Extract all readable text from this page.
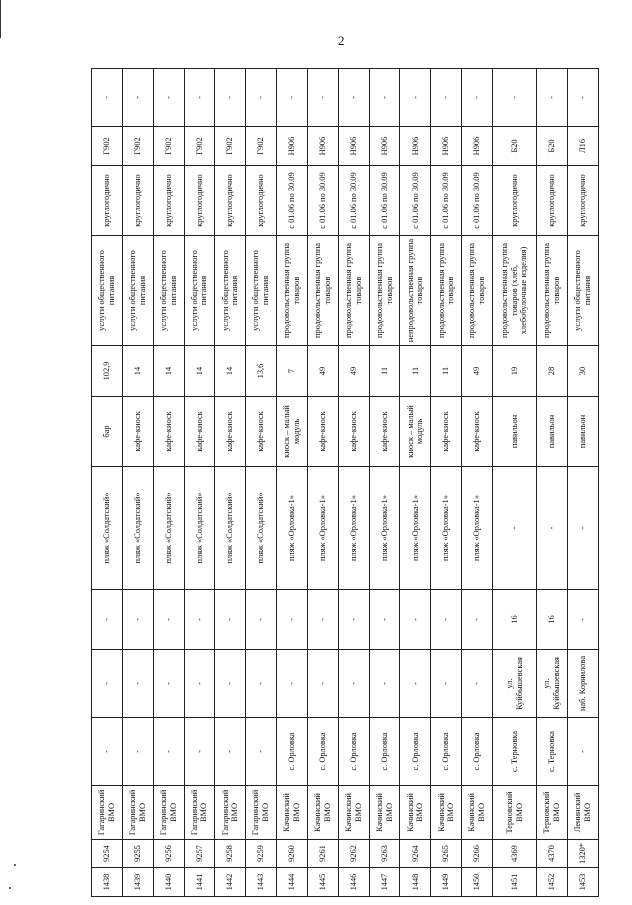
2
1438	9254	Гагаринский ВМО	-	-	-	пляж «Солдатский»	бар	102,9	услуги общественного питания	круглогодично	Г902	-
1439	9255	Гагаринский ВМО	-	-	-	пляж «Солдатский»	кафе-киоск	14	услуги общественного питания	круглогодично	Г902	-
1440	9256	Гагаринский ВМО	-	-	-	пляж «Солдатский»	кафе-киоск	14	услуги общественного питания	круглогодично	Г902	-
1441	9257	Гагаринский ВМО	-	-	-	пляж «Солдатский»	кафе-киоск	14	услуги общественного питания	круглогодично	Г902	-
1442	9258	Гагаринский ВМО	-	-	-	пляж «Солдатский»	кафе-киоск	14	услуги общественного питания	круглогодично	Г902	-
1443	9259	Гагаринский ВМО	-	-	-	пляж «Солдатский»	кафе-киоск	13,6	услуги общественного питания	круглогодично	Г902	-
1444	9260	Качинский ВМО	с. Орловка	-	-	пляж «Орловка-1»	киоск – малый модуль	7	продовольственная группа товаров	с 01.06 по 30.09	Н906	-
1445	9261	Качинский ВМО	с. Орловка	-	-	пляж «Орловка-1»	кафе-киоск	49	продовольственная группа товаров	с 01.06 по 30.09	Н906	-
1446	9262	Качинский ВМО	с. Орловка	-	-	пляж «Орловка-1»	кафе-киоск	49	продовольственная группа товаров	с 01.06 по 30.09	Н906	-
1447	9263	Качинский ВМО	с. Орловка	-	-	пляж «Орловка-1»	кафе-киоск	11	продовольственная группа товаров	с 01.06 по 30.09	Н906	-
1448	9264	Качинский ВМО	с. Орловка	-	-	пляж «Орловка-1»	киоск – малый модуль	11	непродовольственная группа товаров	с 01.06 по 30.09	Н906	-
1449	9265	Качинский ВМО	с. Орловка	-	-	пляж «Орловка-1»	кафе-киоск	11	продовольственная группа товаров	с 01.06 по 30.09	Н906	-
1450	9266	Качинский ВМО	с. Орловка	-	-	пляж «Орловка-1»	кафе-киоск	49	продовольственная группа товаров	с 01.06 по 30.09	Н906	-
1451	4369	Терновский ВМО	с. Терновка	ул. Куйбышевская	16	-	павильон	19	продовольственная группа товаров (хлеб, хлебобулочные изделия)	круглогодично	Б20	-
1452	4370	Терновский ВМО	с. Терновка	ул. Куйбышевская	16	-	павильон	28	продовольственная группа товаров	круглогодично	Б20	-
1453	1320*	Ленинский ВМО	-	наб. Корнилова	-	-	павильон	30	услуги общественного питания	круглогодично	Л16	-
